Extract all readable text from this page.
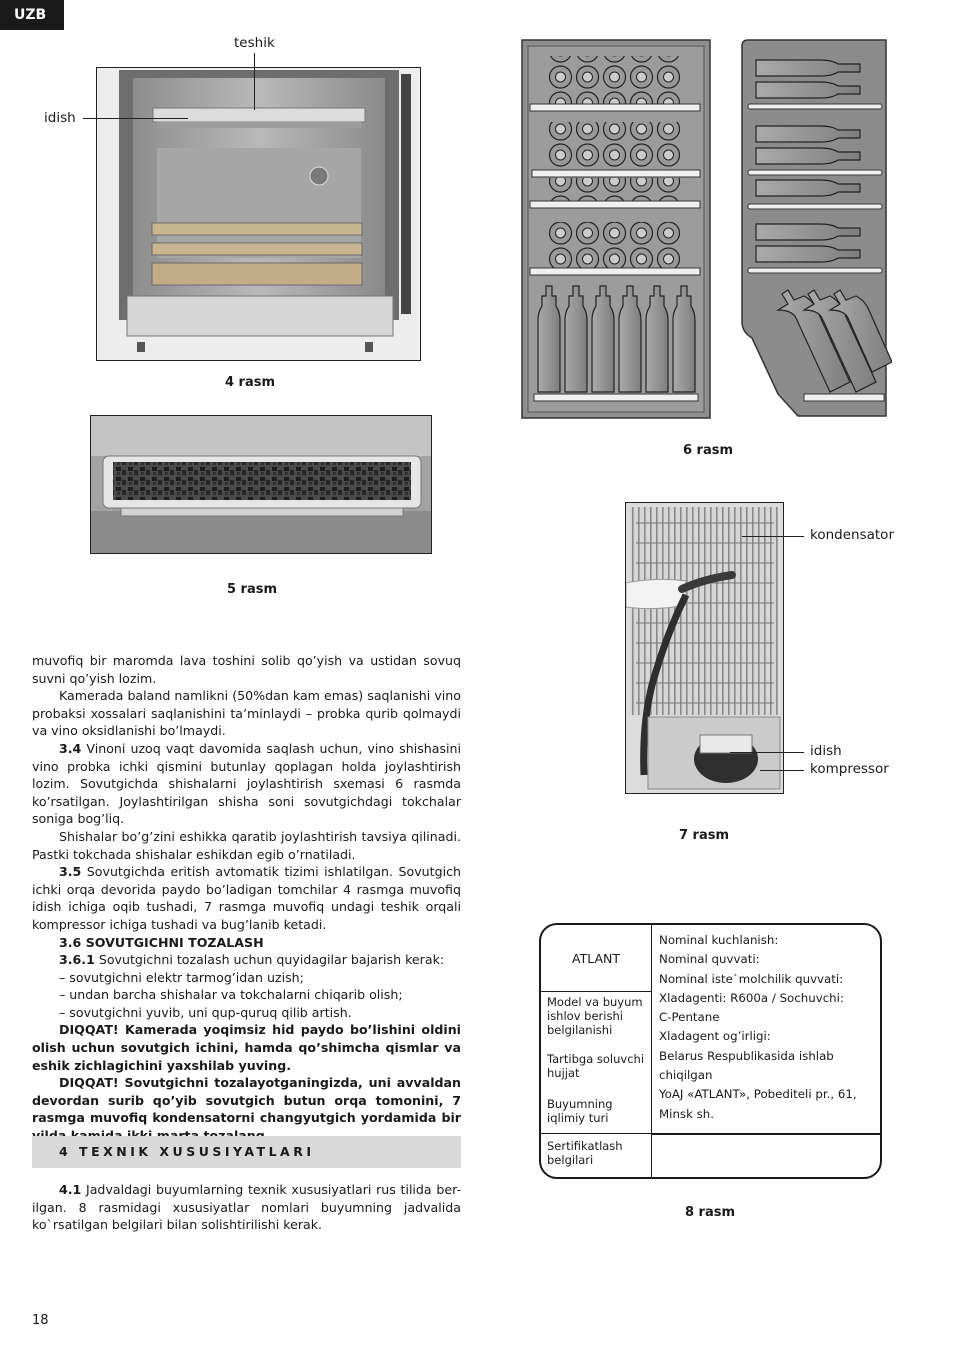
UZB
teshik
idish
4 rasm
5 rasm
6 rasm
kondensator
idish
kompressor
7 rasm
ATLANT
Model va buyum ishlov berishi belgilanishi
Tartibga soluvchi hujjat
Buyumning iqlimiy turi
Sertifikatlash belgilari
Nominal kuchlanish:
Nominal quvvati:
Nominal iste`molchilik quvvati:
Xladagenti: R600a / Sochuvchi:
C-Pentane
Xladagent og’irligi:
Belarus Respublikasida ishlab
chiqilgan
YoAJ «ATLANT», Pobediteli pr., 61,
Minsk sh.
8 rasm

muvofiq bir maromda lava toshini solib qo’yish va ustidan sovuq suvni qo’yish lozim.

Kamerada baland namlikni (50%dan kam emas) saqlanishi vino probaksi xossalari saqlanishini ta’minlaydi – probka qurib qolmaydi va vino oksidlanishi bo’lmaydi.

3.4 Vinoni uzoq vaqt davomida saqlash uchun, vino shishasini vino probka ichki qismini butunlay qoplagan holda joylashtirish lozim. Sovutgichda shishalarni joylashtirish sxemasi 6 rasmda ko’rsatilgan. Joylashtirilgan shisha soni sovutgichdagi tokchalar soniga bog’liq.

Shishalar bo’g’zini eshikka qaratib joylashtirish tavsiya qilinadi. Pastki tokchada shishalar eshikdan egib o’rnatiladi.

3.5 Sovutgichda eritish avtomatik tizimi ishlatilgan. Sovutgich ichki orqa devorida paydo bo’ladigan tomchilar 4 rasmga muvofiq idish ichiga oqib tushadi, 7 rasmga muvofiq undagi teshik orqali kompressor ichiga tushadi va bug’lanib ketadi.

3.6 SOVUTGICHNI TOZALASH

3.6.1 Sovutgichni tozalash uchun quyidagilar bajarish kerak:

– sovutgichni elektr tarmog’idan uzish;

– undan barcha shishalar va tokchalarni chiqarib olish;

– sovutgichni yuvib, uni qup-quruq qilib artish.

DIQQAT! Kamerada yoqimsiz hid paydo bo’lishini oldini olish uchun sovutgich ichini, hamda qo’shimcha qismlar va eshik zichlagichini yaxshilab yuving.

DIQQAT! Sovutgichni tozalayotganingizda, uni avvaldan devordan surib qo’yib sovutgich butun orqa tomonini, 7 rasmga muvofiq kondensatorni changyutgich yordamida bir

4 TEXNIK XUSUSIYATLARI
4.1 Jadvaldagi buyumlarning texnik xususiyatlari rus tilida ber-ilgan. 8 rasmidagi xususiyatlar nomlari buyumning jadvalida ko`rsatilgan belgilari bilan solishtirilishi kerak.
18
